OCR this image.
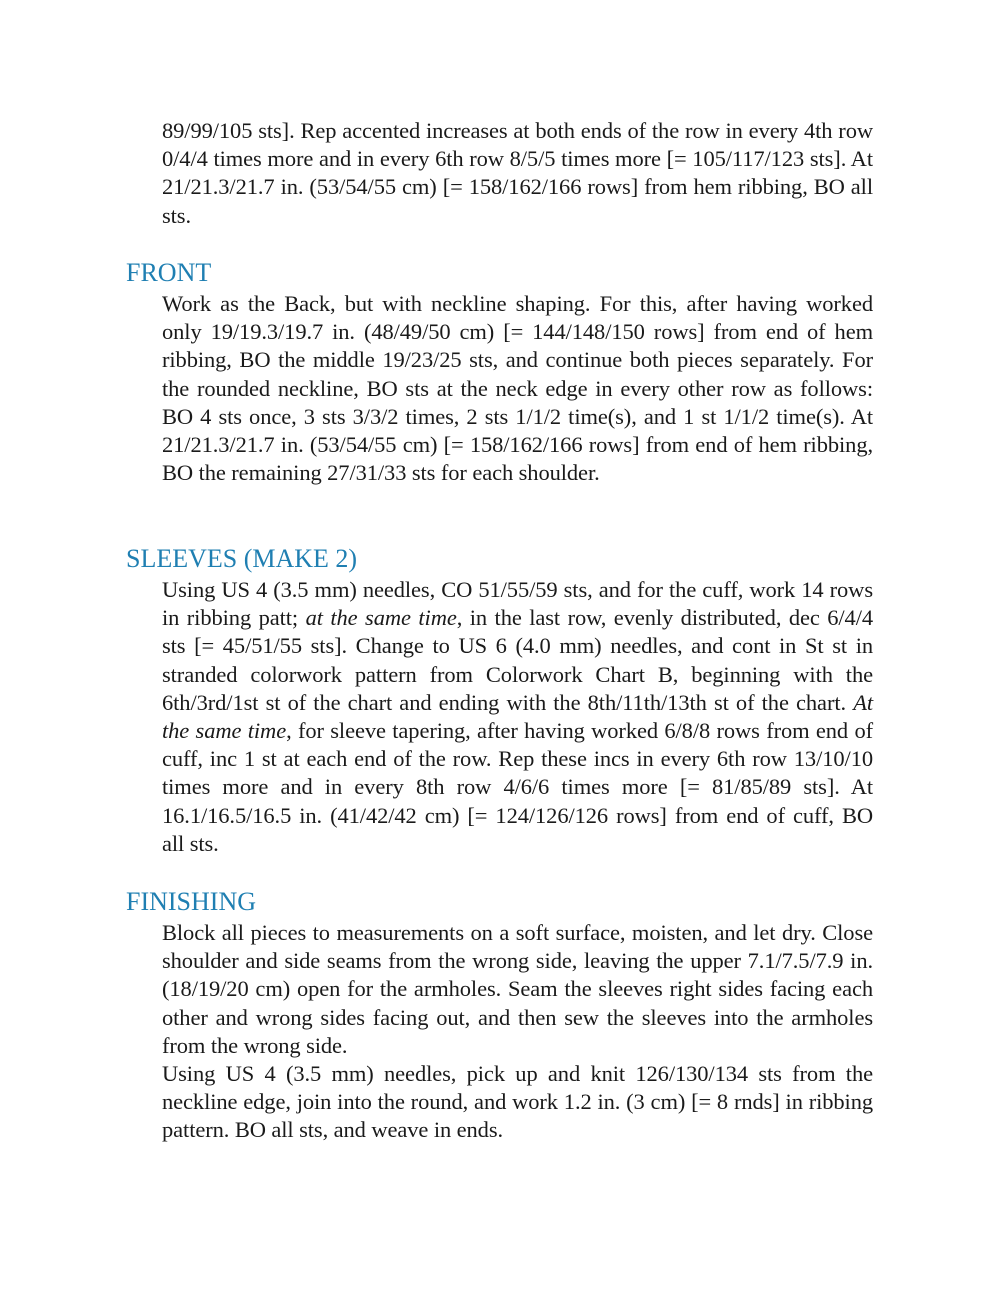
89/99/105 sts]. Rep accented increases at both ends of the row in every 4th row 0/4/4 times more and in every 6th row 8/5/5 times more [= 105/117/123 sts]. At 21/21.3/21.7 in. (53/54/55 cm) [= 158/162/166 rows] from hem ribbing, BO all sts.

FRONT

Work as the Back, but with neckline shaping. For this, after having worked only 19/19.3/19.7 in. (48/49/50 cm) [= 144/148/150 rows] from end of hem ribbing, BO the middle 19/23/25 sts, and continue both pieces separately. For the rounded neckline, BO sts at the neck edge in every other row as follows: BO 4 sts once, 3 sts 3/3/2 times, 2 sts 1/1/2 time(s), and 1 st 1/1/2 time(s). At 21/21.3/21.7 in. (53/54/55 cm) [= 158/162/166 rows] from end of hem ribbing, BO the remaining 27/31/33 sts for each shoulder.

SLEEVES (MAKE 2)

Using US 4 (3.5 mm) needles, CO 51/55/59 sts, and for the cuff, work 14 rows in ribbing patt; at the same time, in the last row, evenly distributed, dec 6/4/4 sts [= 45/51/55 sts]. Change to US 6 (4.0 mm) needles, and cont in St st in stranded colorwork pattern from Colorwork Chart B, beginning with the 6th/3rd/1st st of the chart and ending with the 8th/11th/13th st of the chart. At the same time, for sleeve tapering, after having worked 6/8/8 rows from end of cuff, inc 1 st at each end of the row. Rep these incs in every 6th row 13/10/10 times more and in every 8th row 4/6/6 times more [= 81/85/89 sts]. At 16.1/16.5/16.5 in. (41/42/42 cm) [= 124/126/126 rows] from end of cuff, BO all sts.

FINISHING

Block all pieces to measurements on a soft surface, moisten, and let dry. Close shoulder and side seams from the wrong side, leaving the upper 7.1/7.5/7.9 in. (18/19/20 cm) open for the armholes. Seam the sleeves right sides facing each other and wrong sides facing out, and then sew the sleeves into the armholes from the wrong side.

Using US 4 (3.5 mm) needles, pick up and knit 126/130/134 sts from the neckline edge, join into the round, and work 1.2 in. (3 cm) [= 8 rnds] in ribbing pattern. BO all sts, and weave in ends.
